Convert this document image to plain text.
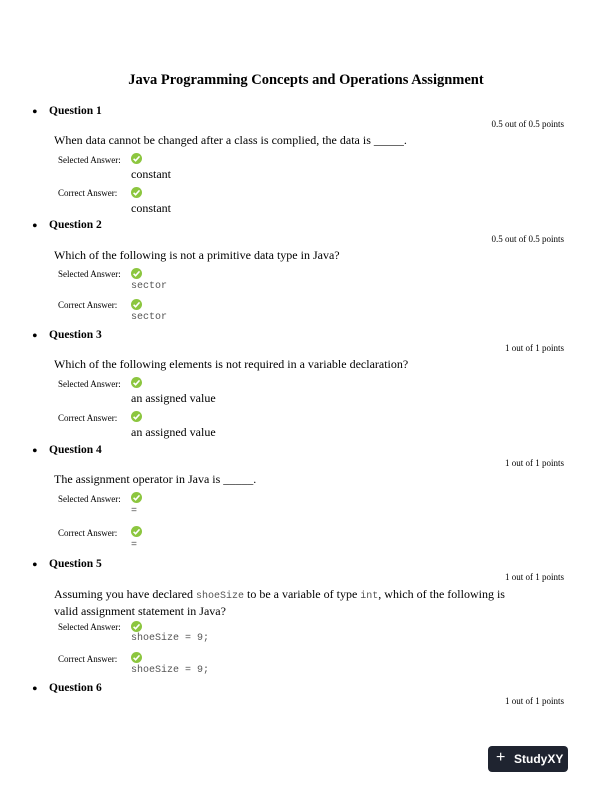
Java Programming Concepts and Operations Assignment
• Question 1
0.5 out of 0.5 points
When data cannot be changed after a class is complied, the data is _____.
Selected Answer:
constant
Correct Answer:
constant
• Question 2
0.5 out of 0.5 points
Which of the following is not a primitive data type in Java?
Selected Answer:
sector
Correct Answer:
sector
• Question 3
1 out of 1 points
Which of the following elements is not required in a variable declaration?
Selected Answer:
an assigned value
Correct Answer:
an assigned value
• Question 4
1 out of 1 points
The assignment operator in Java is _____.
Selected Answer:
=
Correct Answer:
=
• Question 5
1 out of 1 points
Assuming you have declared shoeSize to be a variable of type int, which of the following is
valid assignment statement in Java?
Selected Answer:
shoeSize = 9;
Correct Answer:
shoeSize = 9;
• Question 6
1 out of 1 points
+ StudyXY
